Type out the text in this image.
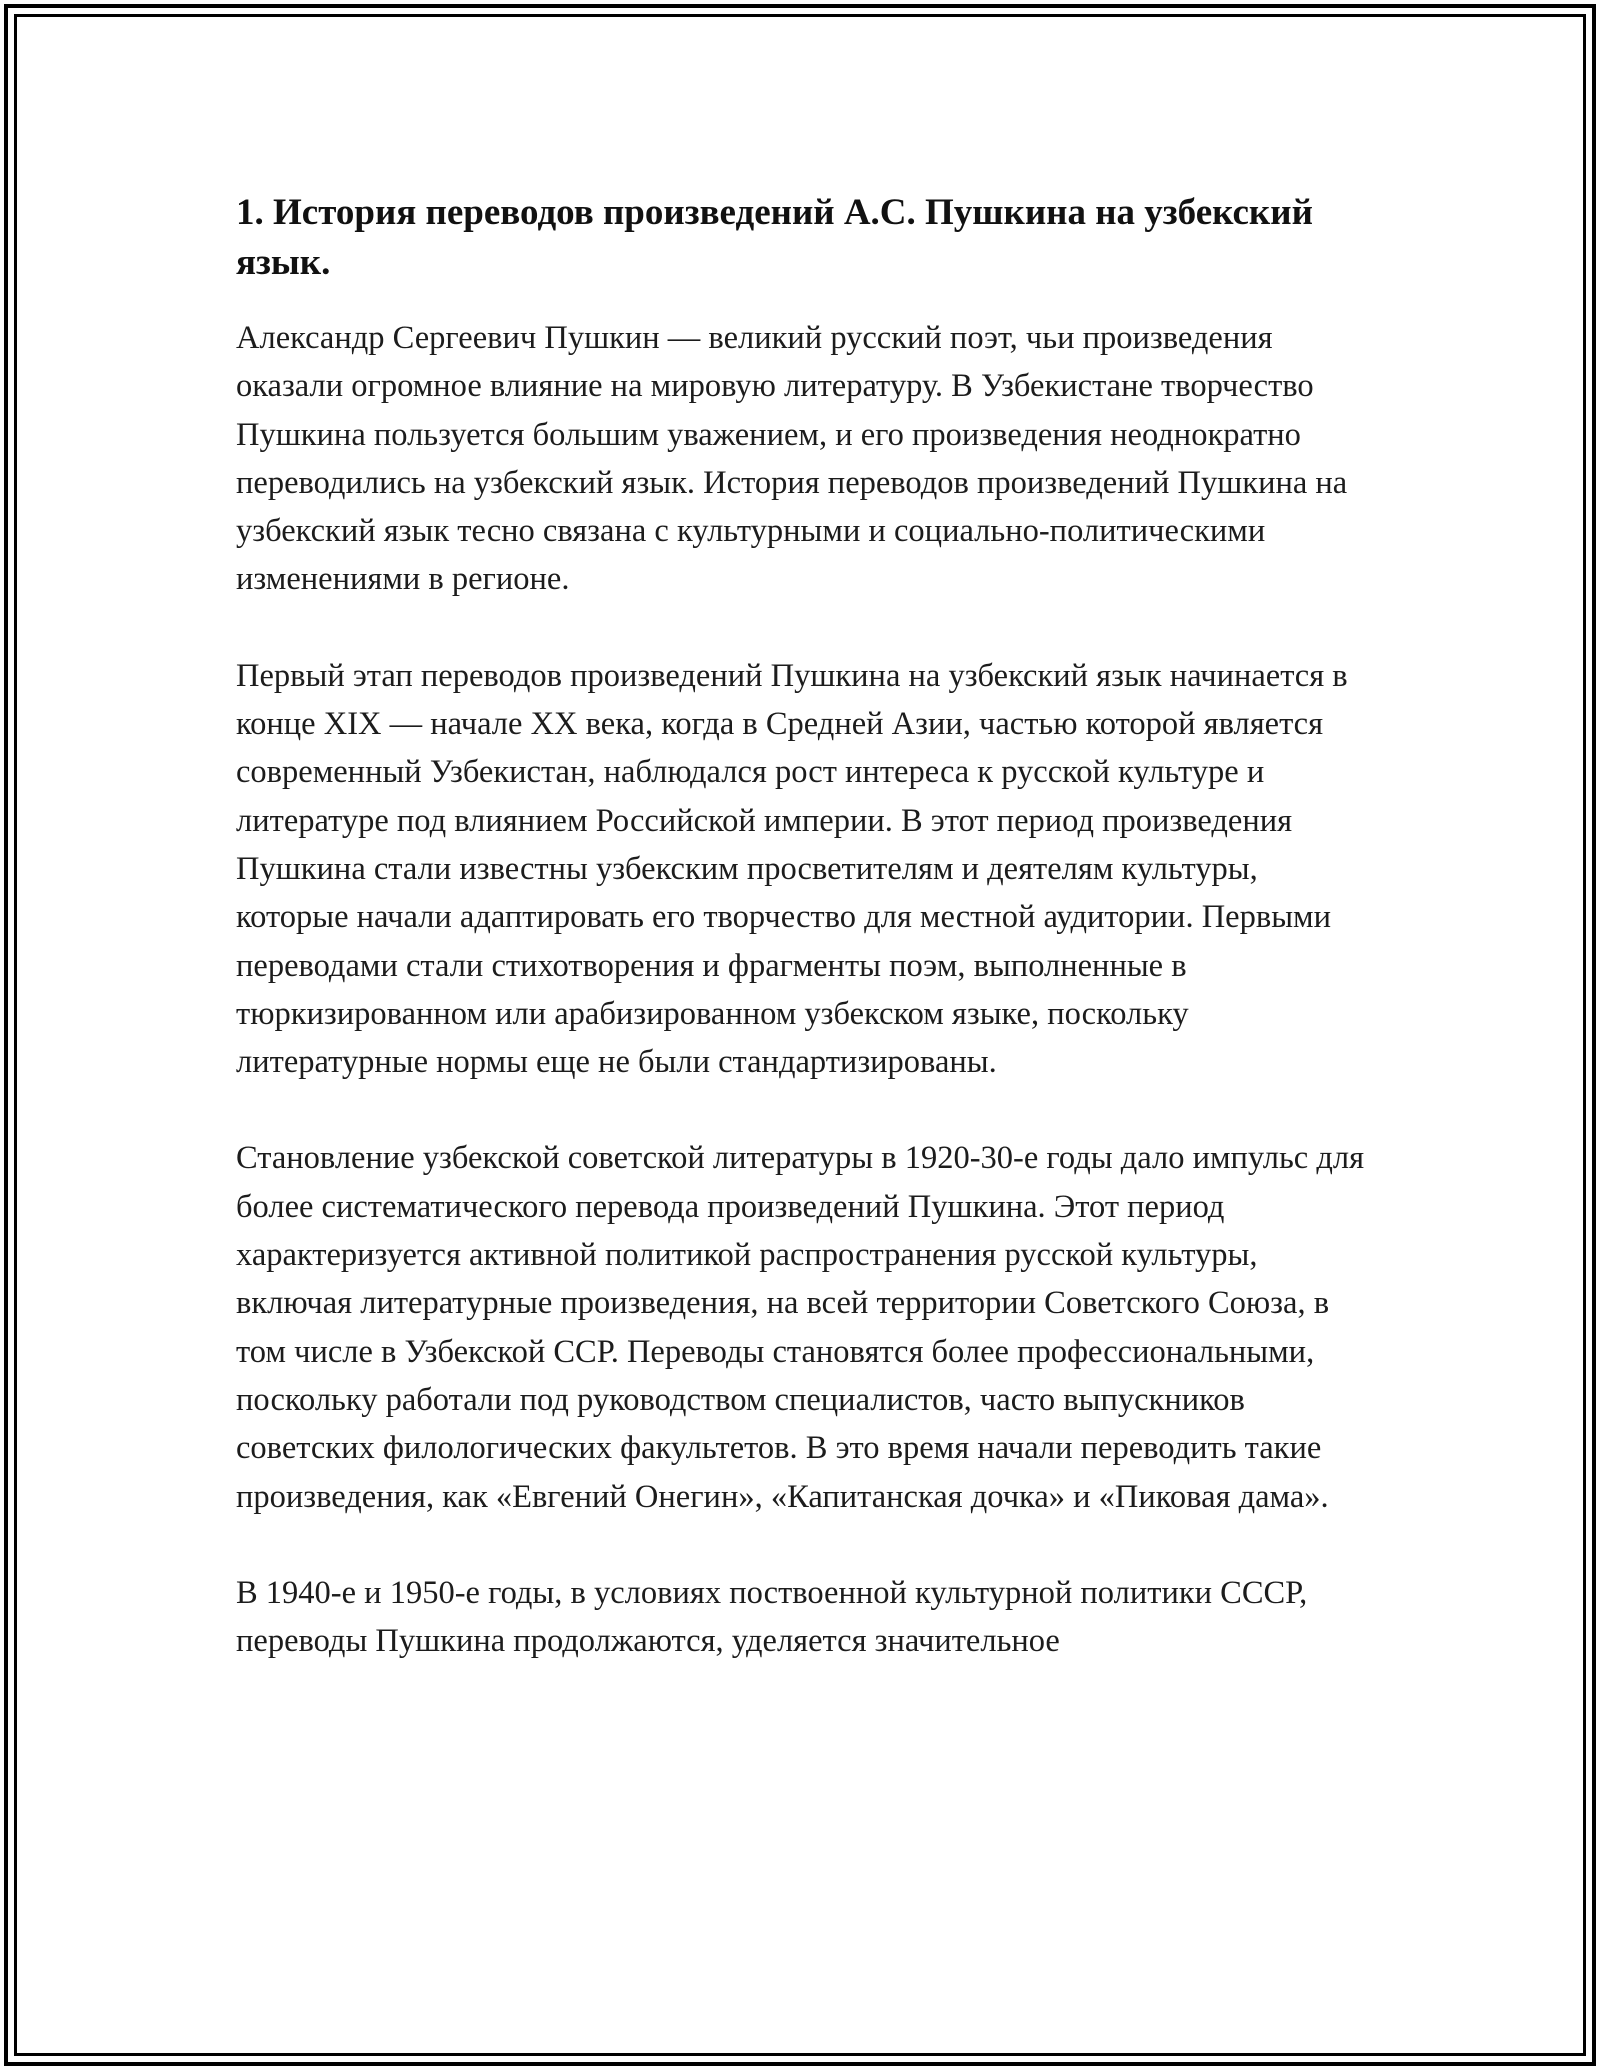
1. История переводов произведений А.С. Пушкина на узбекский язык.

Александр Сергеевич Пушкин — великий русский поэт, чьи произведения оказали огромное влияние на мировую литературу. В Узбекистане творчество Пушкина пользуется большим уважением, и его произведения неоднократно переводились на узбекский язык. История переводов произведений Пушкина на узбекский язык тесно связана с культурными и социально-политическими изменениями в регионе.

Первый этап переводов произведений Пушкина на узбекский язык начинается в конце XIX — начале XX века, когда в Средней Азии, частью которой является современный Узбекистан, наблюдался рост интереса к русской культуре и литературе под влиянием Российской империи. В этот период произведения Пушкина стали известны узбекским просветителям и деятелям культуры, которые начали адаптировать его творчество для местной аудитории. Первыми переводами стали стихотворения и фрагменты поэм, выполненные в тюркизированном или арабизированном узбекском языке, поскольку литературные нормы еще не были стандартизированы.

Становление узбекской советской литературы в 1920-30-е годы дало импульс для более систематического перевода произведений Пушкина. Этот период характеризуется активной политикой распространения русской культуры, включая литературные произведения, на всей территории Советского Союза, в том числе в Узбекской ССР. Переводы становятся более профессиональными, поскольку работали под руководством специалистов, часто выпускников советских филологических факультетов. В это время начали переводить такие произведения, как «Евгений Онегин», «Капитанская дочка» и «Пиковая дама».

В 1940-е и 1950-е годы, в условиях поствоенной культурной политики СССР, переводы Пушкина продолжаются, уделяется значительное
